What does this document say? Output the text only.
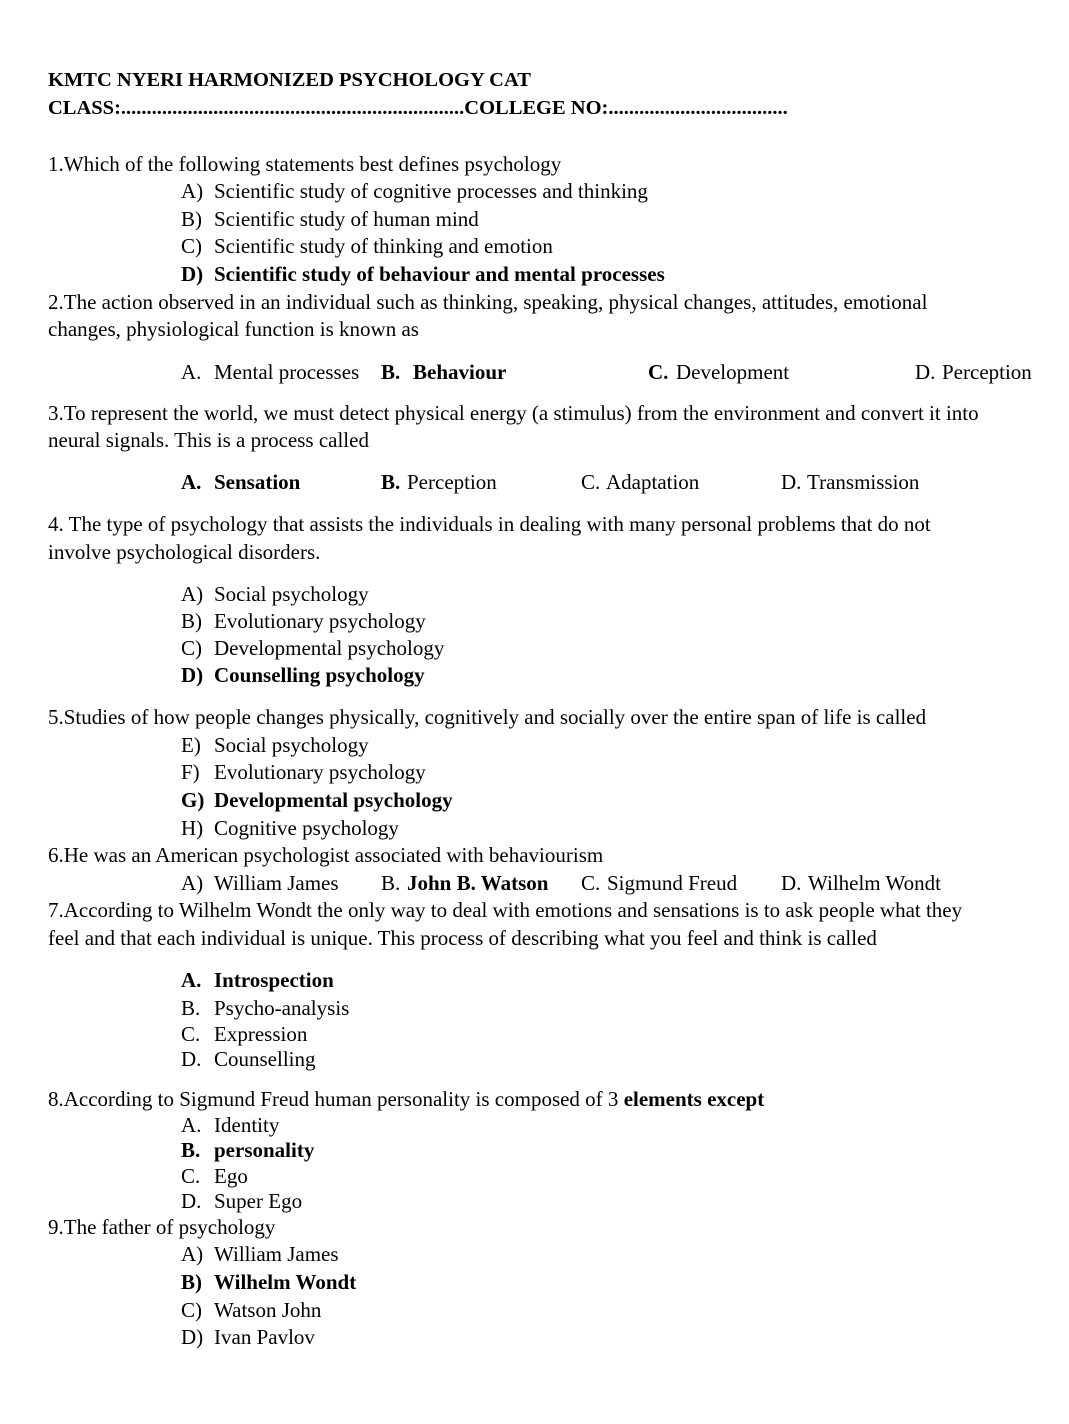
KMTC NYERI HARMONIZED PSYCHOLOGY CAT
CLASS:...................................................................COLLEGE NO:...................................
1.Which of the following statements best defines psychology
A) Scientific study of cognitive processes and thinking
B) Scientific study of human mind
C) Scientific study of thinking and emotion
D) Scientific study of behaviour and mental processes
2.The action observed in an individual such as thinking, speaking, physical changes, attitudes, emotional
changes, physiological function is known as
A. Mental processes B. Behaviour	C. Development	D. Perception
3.To represent the world, we must detect physical energy (a stimulus) from the environment and convert it into
neural signals. This is a process called
A. Sensation	B. Perception	C. Adaptation	D. Transmission
4. The type of psychology that assists the individuals in dealing with many personal problems that do not
involve psychological disorders.
A) Social psychology
B) Evolutionary psychology
C) Developmental psychology
D) Counselling psychology
5.Studies of how people changes physically, cognitively and socially over the entire span of life is called
E) Social psychology
F) Evolutionary psychology
G) Developmental psychology
H) Cognitive psychology
6.He was an American psychologist associated with behaviourism
A) William James B. John B. Watson C. Sigmund Freud D. Wilhelm Wondt
7.According to Wilhelm Wondt the only way to deal with emotions and sensations is to ask people what they
feel and that each individual is unique. This process of describing what you feel and think is called
A. Introspection
B. Psycho-analysis
C. Expression
D. Counselling
8.According to Sigmund Freud human personality is composed of 3 elements except
A. Identity
B. personality
C. Ego
D. Super Ego
9.The father of psychology
A) William James
B) Wilhelm Wondt
C) Watson John
D) Ivan Pavlov
